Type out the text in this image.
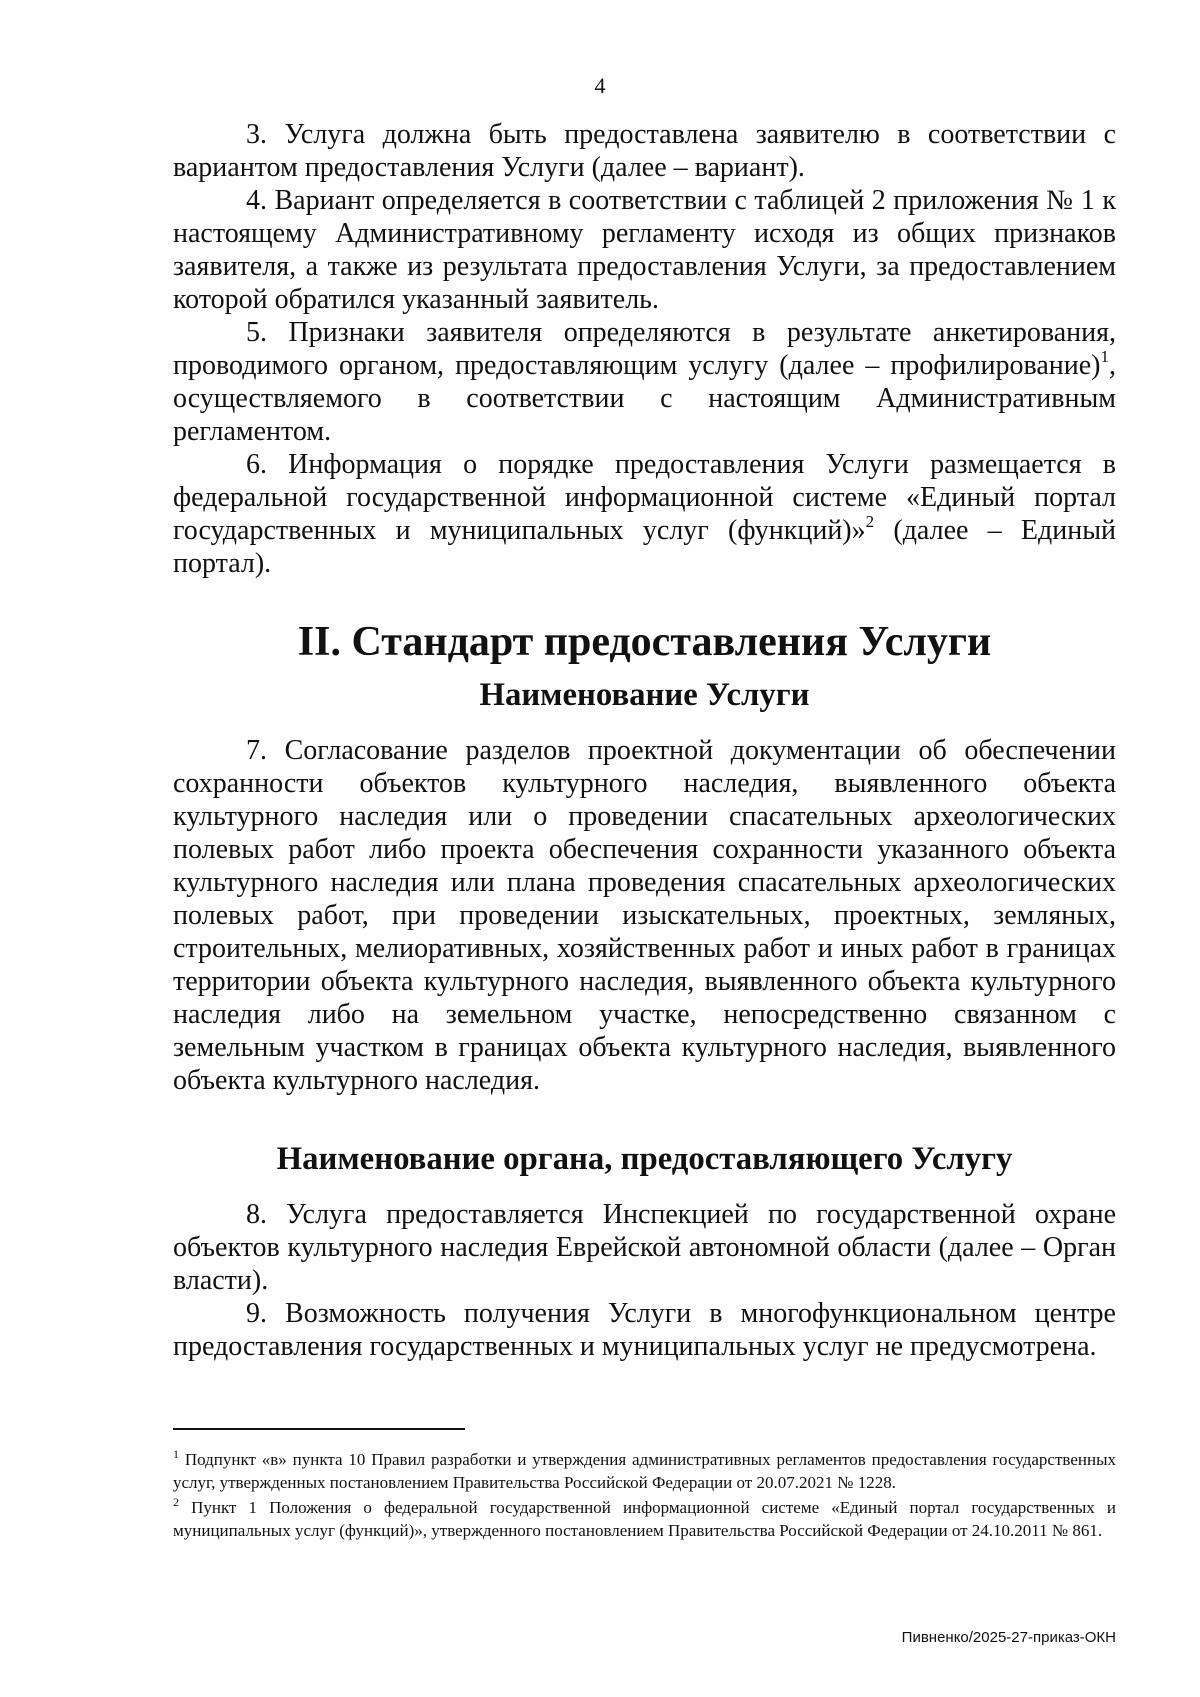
4

3. Услуга должна быть предоставлена заявителю в соответствии с вариантом предоставления Услуги (далее – вариант).

4. Вариант определяется в соответствии с таблицей 2 приложения № 1 к настоящему Административному регламенту исходя из общих признаков заявителя, а также из результата предоставления Услуги, за предоставлением которой обратился указанный заявитель.

5. Признаки заявителя определяются в результате анкетирования, проводимого органом, предоставляющим услугу (далее – профилирование)$^1$, осуществляемого в соответствии с настоящим Административным регламентом.

6. Информация о порядке предоставления Услуги размещается в федеральной государственной информационной системе «Единый портал государственных и муниципальных услуг (функций)»$^2$ (далее – Единый портал).

II. Стандарт предоставления Услуги
Наименование Услуги

7. Согласование разделов проектной документации об обеспечении сохранности объектов культурного наследия, выявленного объекта культурного наследия или о проведении спасательных археологических полевых работ либо проекта обеспечения сохранности указанного объекта культурного наследия или плана проведения спасательных археологических полевых работ, при проведении изыскательных, проектных, земляных, строительных, мелиоративных, хозяйственных работ и иных работ в границах территории объекта культурного наследия, выявленного объекта культурного наследия либо на земельном участке, непосредственно связанном с земельным участком в границах объекта культурного наследия, выявленного объекта культурного наследия.

Наименование органа, предоставляющего Услугу

8. Услуга предоставляется Инспекцией по государственной охране объектов культурного наследия Еврейской автономной области (далее – Орган власти).

9. Возможность получения Услуги в многофункциональном центре предоставления государственных и муниципальных услуг не предусмотрена.

$^1$ Подпункт «в» пункта 10 Правил разработки и утверждения административных регламентов предоставления государственных услуг, утвержденных постановлением Правительства Российской Федерации от 20.07.2021 № 1228.

$^2$ Пункт 1 Положения о федеральной государственной информационной системе «Единый портал государственных и муниципальных услуг (функций)», утвержденного постановлением Правительства Российской Федерации от 24.10.2011 № 861.

Пивненко/2025-27-приказ-ОКН
